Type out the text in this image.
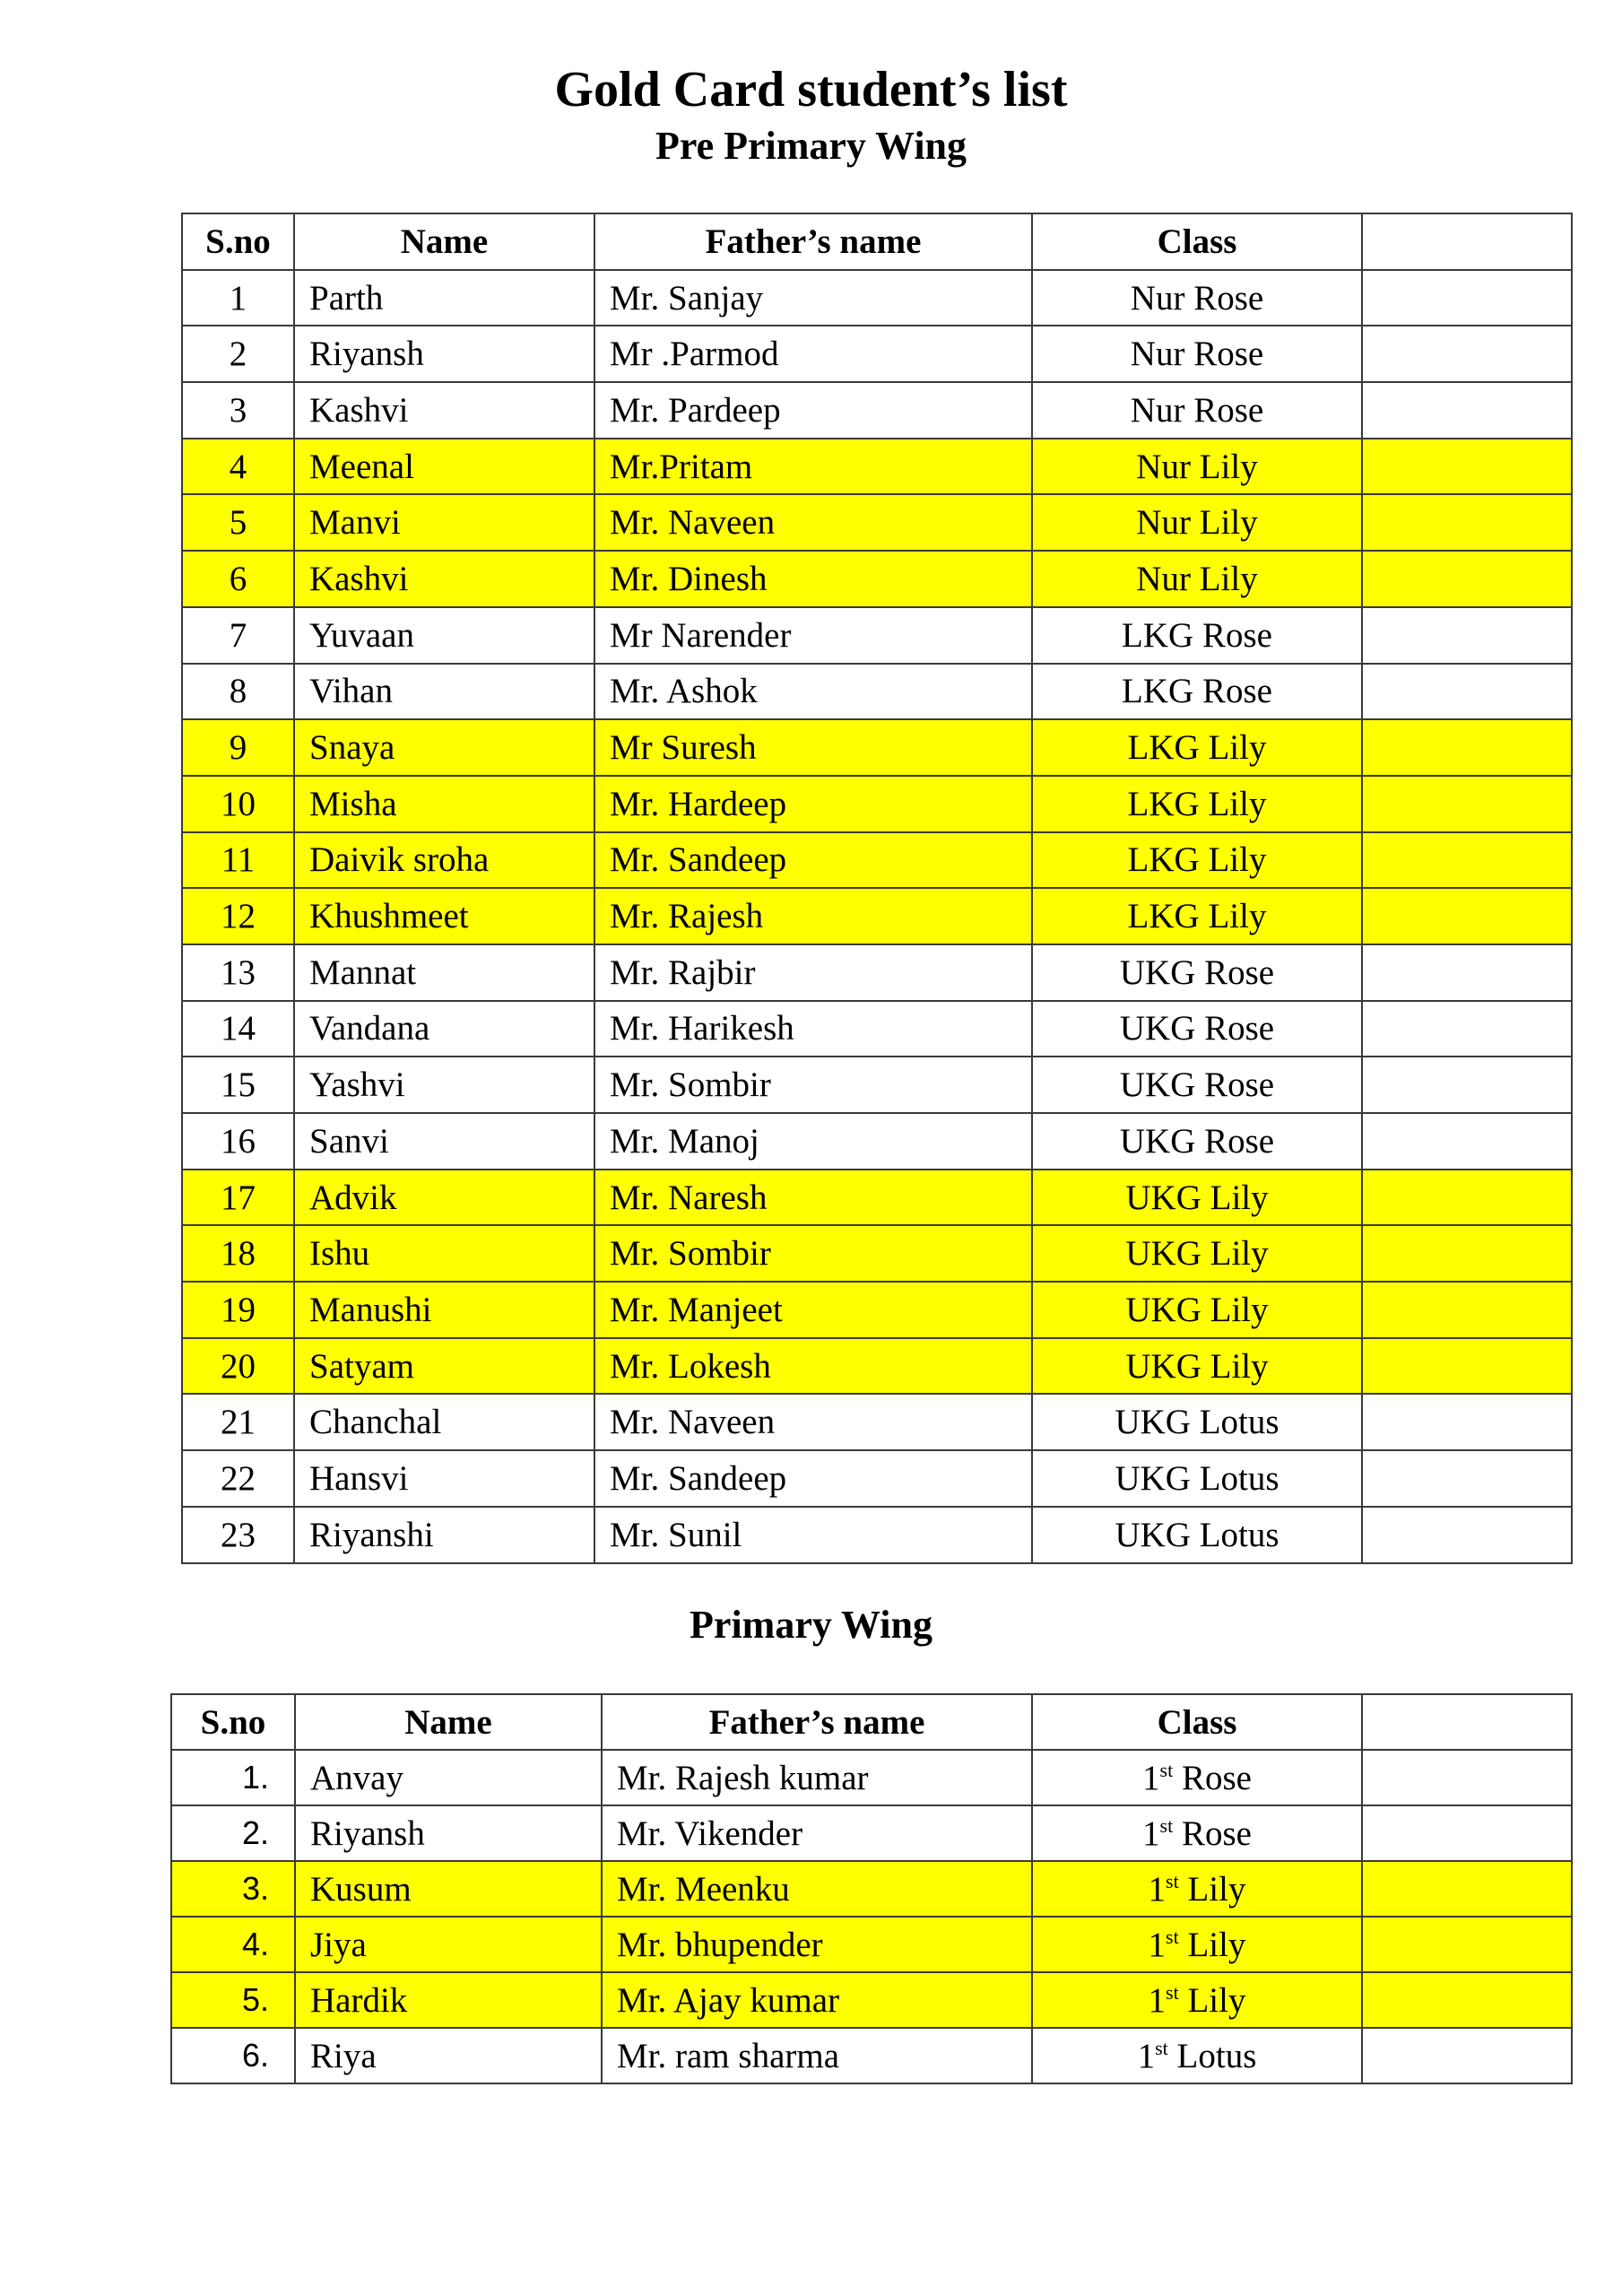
Gold Card student’s list
Pre Primary Wing
S.no	Name	Father’s name	Class	
1	Parth	Mr. Sanjay	Nur Rose	
2	Riyansh	Mr .Parmod	Nur Rose	
3	Kashvi	Mr. Pardeep	Nur Rose	
4	Meenal	Mr.Pritam	Nur Lily	
5	Manvi	Mr. Naveen	Nur Lily	
6	Kashvi	Mr. Dinesh	Nur Lily	
7	Yuvaan	Mr Narender	LKG Rose	
8	Vihan	Mr. Ashok	LKG Rose	
9	Snaya	Mr Suresh	LKG Lily	
10	Misha	Mr. Hardeep	LKG Lily	
11	Daivik sroha	Mr. Sandeep	LKG Lily	
12	Khushmeet	Mr. Rajesh	LKG Lily	
13	Mannat	Mr. Rajbir	UKG Rose	
14	Vandana	Mr. Harikesh	UKG Rose	
15	Yashvi	Mr. Sombir	UKG Rose	
16	Sanvi	Mr. Manoj	UKG Rose	
17	Advik	Mr. Naresh	UKG Lily	
18	Ishu	Mr. Sombir	UKG Lily	
19	Manushi	Mr. Manjeet	UKG Lily	
20	Satyam	Mr. Lokesh	UKG Lily	
21	Chanchal	Mr. Naveen	UKG Lotus	
22	Hansvi	Mr. Sandeep	UKG Lotus	
23	Riyanshi	Mr. Sunil	UKG Lotus	
Primary Wing
S.no	Name	Father’s name	Class	
1.	Anvay	Mr. Rajesh kumar	1st Rose	
2.	Riyansh	Mr. Vikender	1st Rose	
3.	Kusum	Mr. Meenku	1st Lily	
4.	Jiya	Mr. bhupender	1st Lily	
5.	Hardik	Mr. Ajay kumar	1st Lily	
6.	Riya	Mr. ram sharma	1st Lotus	
